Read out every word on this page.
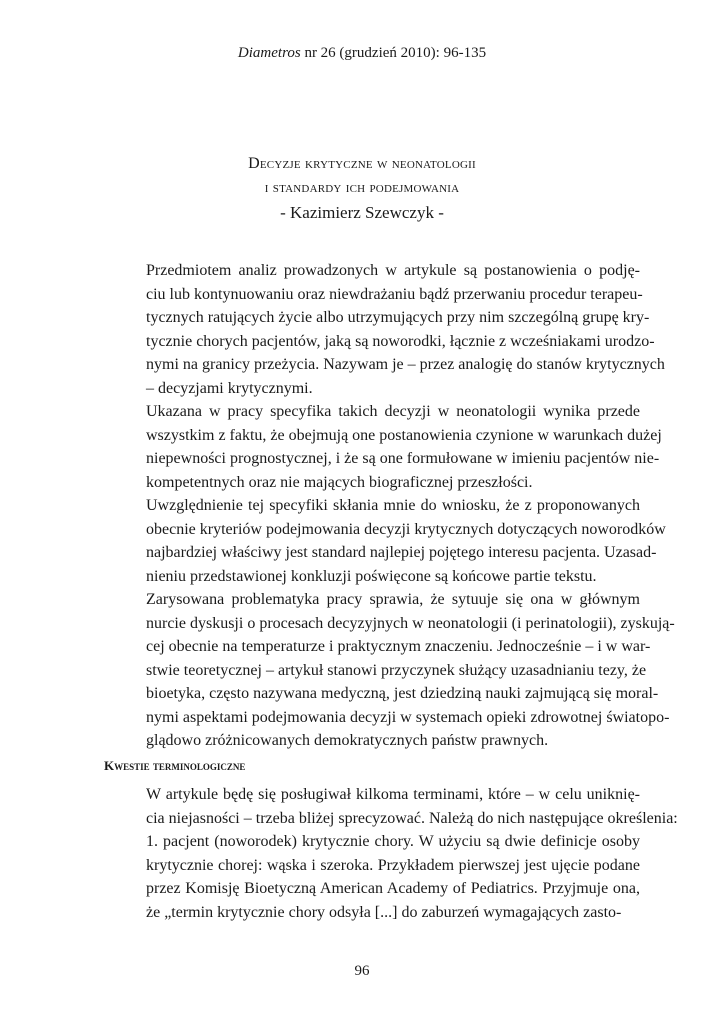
Diametros nr 26 (grudzień 2010): 96-135
Decyzje krytyczne w neonatologii
i standardy ich podejmowania
- Kazimierz Szewczyk -

Przedmiotem analiz prowadzonych w artykule są postanowienia o podję-
ciu lub kontynuowaniu oraz niewdrażaniu bądź przerwaniu procedur terapeu-
tycznych ratujących życie albo utrzymujących przy nim szczególną grupę kry-
tycznie chorych pacjentów, jaką są noworodki, łącznie z wcześniakami urodzo-
nymi na granicy przeżycia. Nazywam je – przez analogię do stanów krytycznych
– decyzjami krytycznymi.

Ukazana w pracy specyfika takich decyzji w neonatologii wynika przede
wszystkim z faktu, że obejmują one postanowienia czynione w warunkach dużej
niepewności prognostycznej, i że są one formułowane w imieniu pacjentów nie-
kompetentnych oraz nie mających biograficznej przeszłości.

Uwzględnienie tej specyfiki skłania mnie do wniosku, że z proponowanych
obecnie kryteriów podejmowania decyzji krytycznych dotyczących noworodków
najbardziej właściwy jest standard najlepiej pojętego interesu pacjenta. Uzasad-
nieniu przedstawionej konkluzji poświęcone są końcowe partie tekstu.

Zarysowana problematyka pracy sprawia, że sytuuje się ona w głównym
nurcie dyskusji o procesach decyzyjnych w neonatologii (i perinatologii), zyskują-
cej obecnie na temperaturze i praktycznym znaczeniu. Jednocześnie – i w war-
stwie teoretycznej – artykuł stanowi przyczynek służący uzasadnianiu tezy, że
bioetyka, często nazywana medyczną, jest dziedziną nauki zajmującą się moral-
nymi aspektami podejmowania decyzji w systemach opieki zdrowotnej światopo-
glądowo zróżnicowanych demokratycznych państw prawnych.

Kwestie terminologiczne

W artykule będę się posługiwał kilkoma terminami, które – w celu uniknię-
cia niejasności – trzeba bliżej sprecyzować. Należą do nich następujące określenia:

1. pacjent (noworodek) krytycznie chory. W użyciu są dwie definicje osoby
krytycznie chorej: wąska i szeroka. Przykładem pierwszej jest ujęcie podane
przez Komisję Bioetyczną American Academy of Pediatrics. Przyjmuje ona,
że „termin krytycznie chory odsyła [...] do zaburzeń wymagających zasto-
96
